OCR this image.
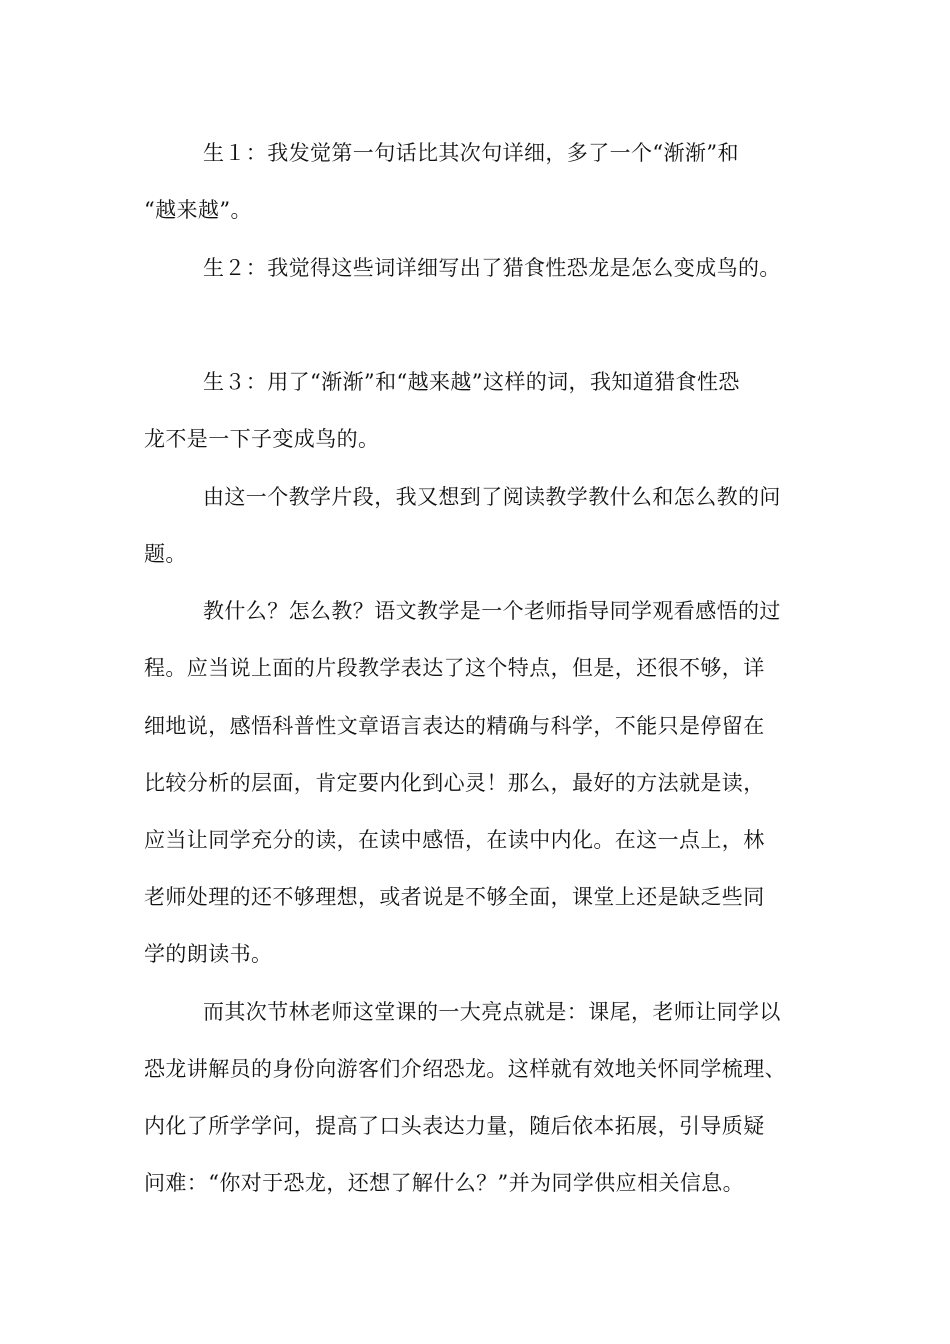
生１：我发觉第一句话比其次句详细，多了一个“渐渐”和
“越来越”。
生２：我觉得这些词详细写出了猎食性恐龙是怎么变成鸟的。
生３：用了“渐渐”和“越来越”这样的词，我知道猎食性恐
龙不是一下子变成鸟的。
由这一个教学片段，我又想到了阅读教学教什么和怎么教的问
题。
教什么？怎么教？语文教学是一个老师指导同学观看感悟的过
程。应当说上面的片段教学表达了这个特点，但是，还很不够，详
细地说，感悟科普性文章语言表达的精确与科学，不能只是停留在
比较分析的层面，肯定要内化到心灵！那么，最好的方法就是读，
应当让同学充分的读，在读中感悟，在读中内化。在这一点上，林
老师处理的还不够理想，或者说是不够全面，课堂上还是缺乏些同
学的朗读书。
而其次节林老师这堂课的一大亮点就是：课尾，老师让同学以
恐龙讲解员的身份向游客们介绍恐龙。这样就有效地关怀同学梳理、
内化了所学学问，提高了口头表达力量，随后依本拓展，引导质疑
问难：“你对于恐龙，还想了解什么？”并为同学供应相关信息。
